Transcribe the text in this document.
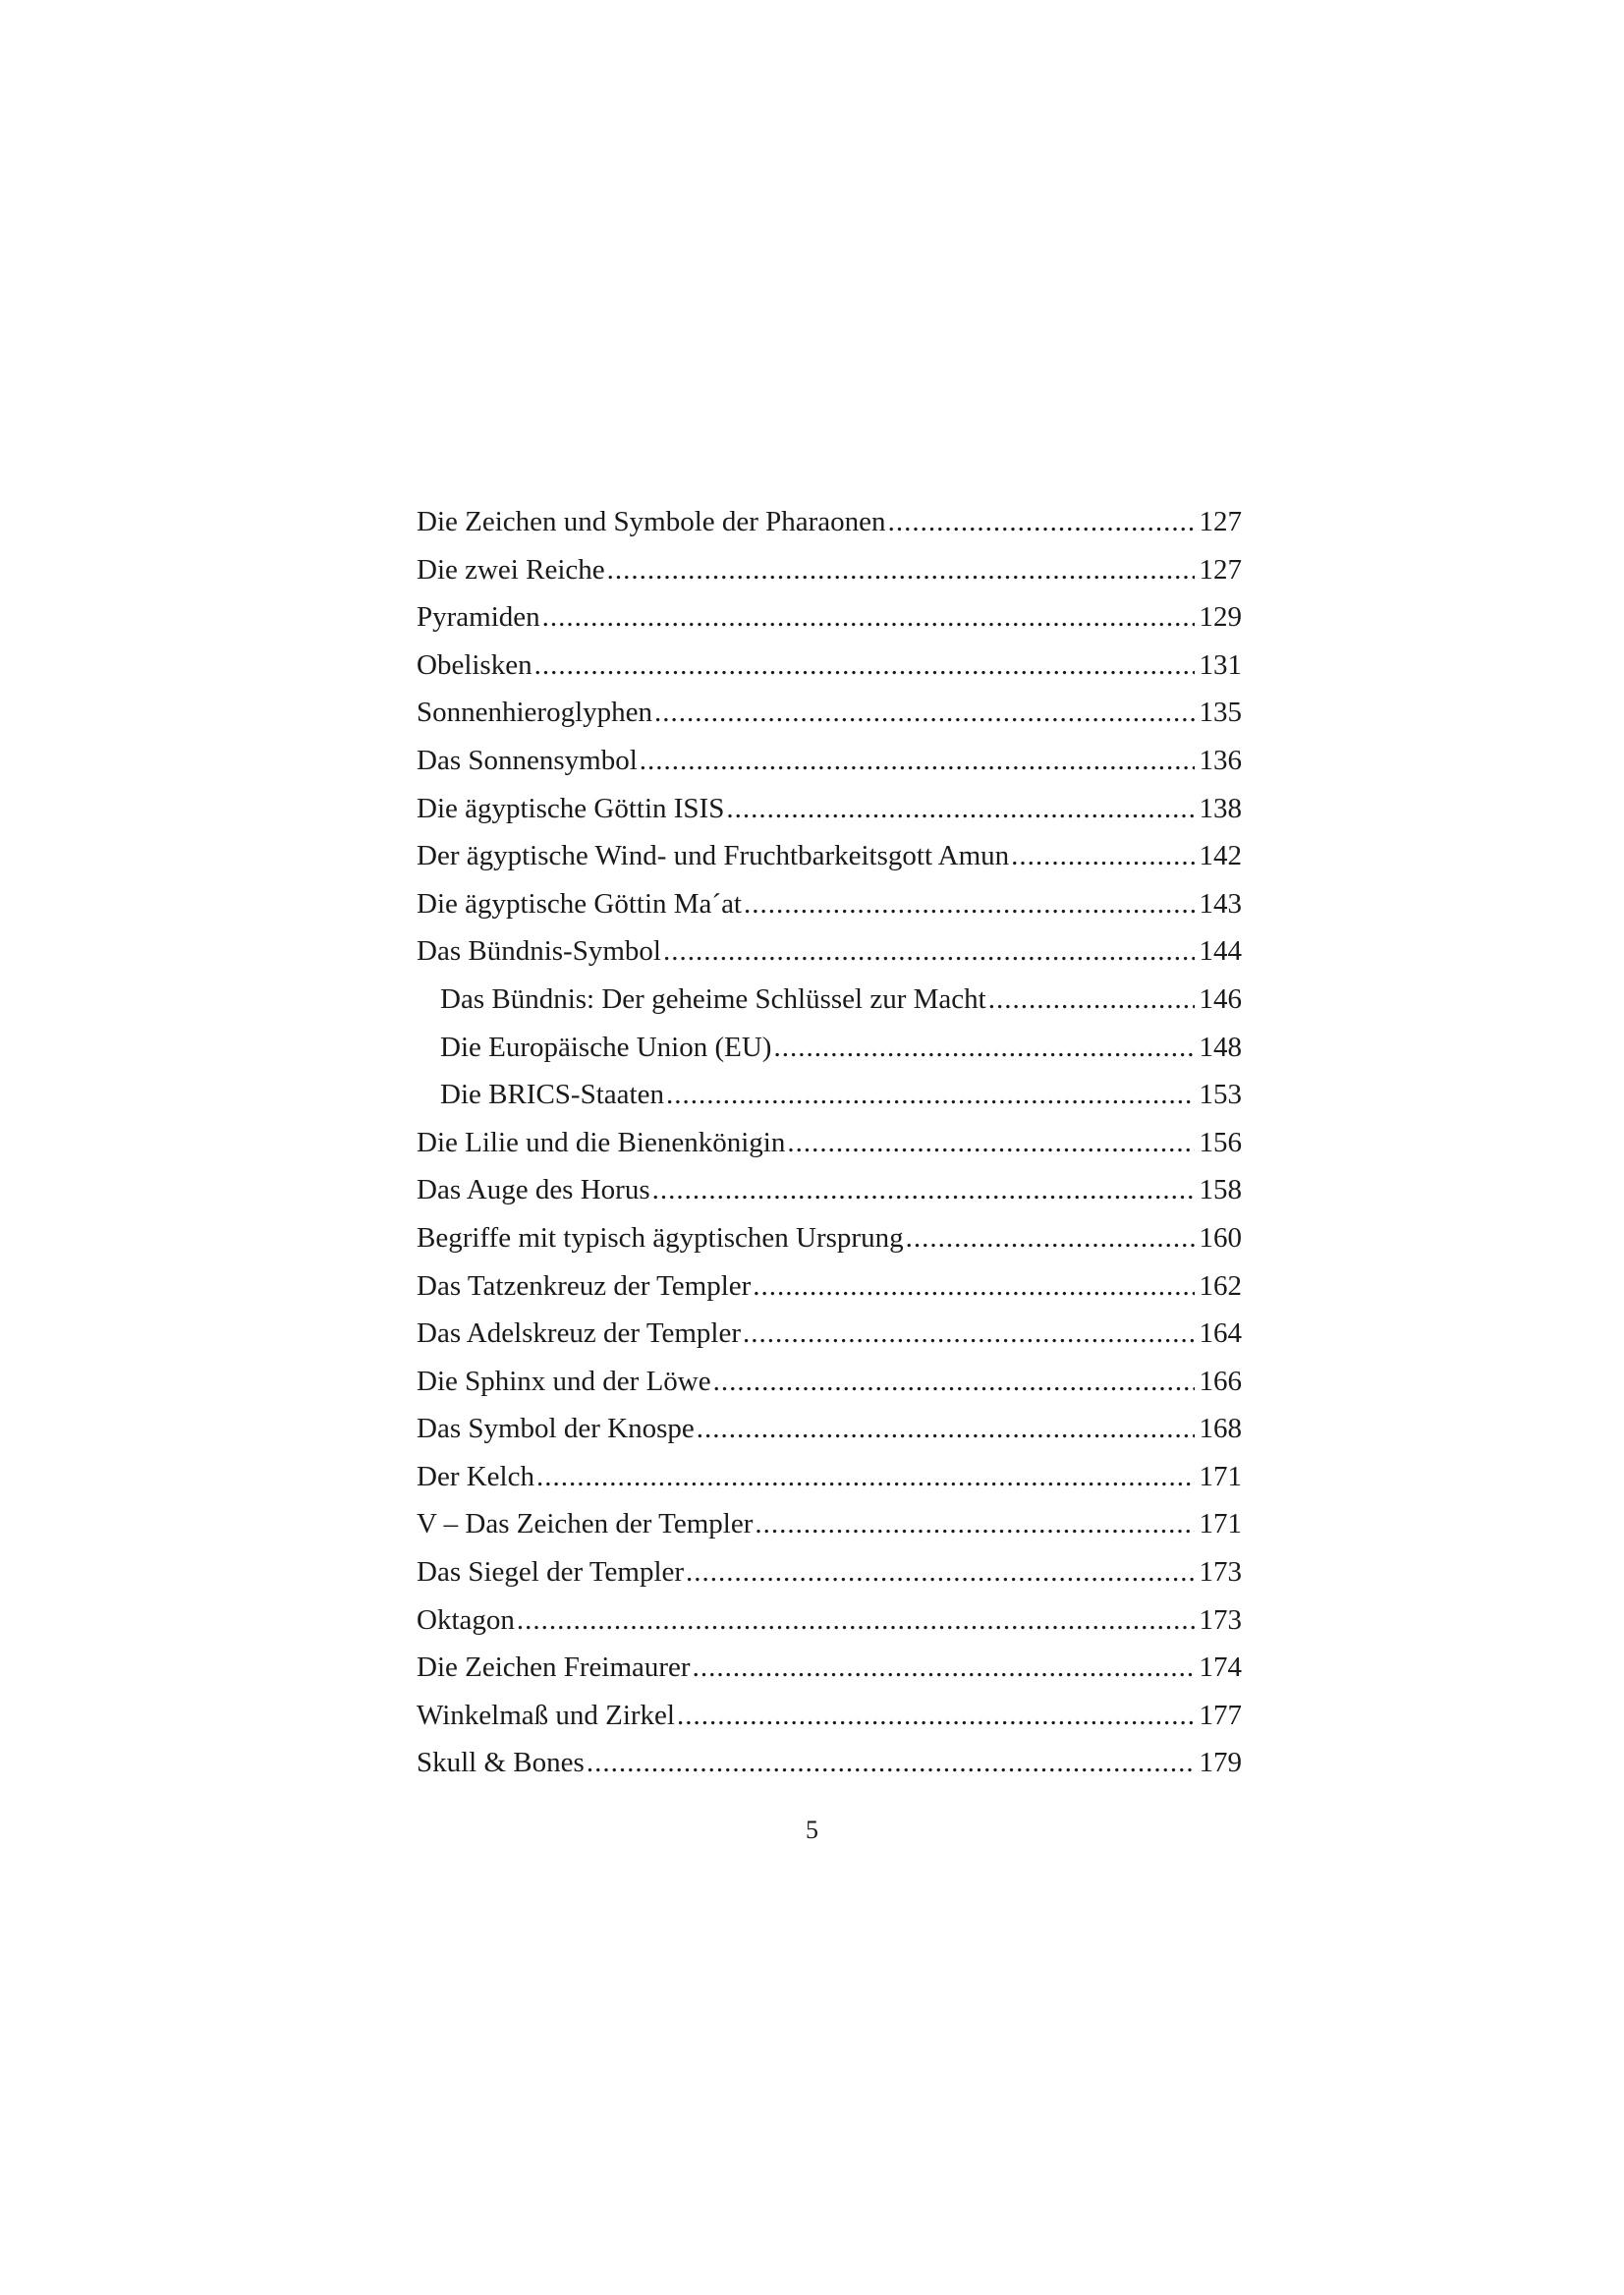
Die Zeichen und Symbole der Pharaonen .....	127
Die zwei Reiche .....	127
Pyramiden .....	129
Obelisken .....	131
Sonnenhieroglyphen .....	135
Das Sonnensymbol .....	136
Die ägyptische Göttin ISIS .....	138
Der ägyptische Wind- und Fruchtbarkeitsgott Amun .....	142
Die ägyptische Göttin Ma´at .....	143
Das Bündnis-Symbol .....	144
Das Bündnis: Der geheime Schlüssel zur Macht .....	146
Die Europäische Union (EU) .....	148
Die BRICS-Staaten .....	153
Die Lilie und die Bienenkönigin .....	156
Das Auge des Horus .....	158
Begriffe mit typisch ägyptischen Ursprung .....	160
Das Tatzenkreuz der Templer .....	162
Das Adelskreuz der Templer .....	164
Die Sphinx und der Löwe .....	166
Das Symbol der Knospe .....	168
Der Kelch .....	171
V – Das Zeichen der Templer .....	171
Das Siegel der Templer .....	173
Oktagon .....	173
Die Zeichen Freimaurer .....	174
Winkelmaß und Zirkel .....	177
Skull & Bones .....	179
5
